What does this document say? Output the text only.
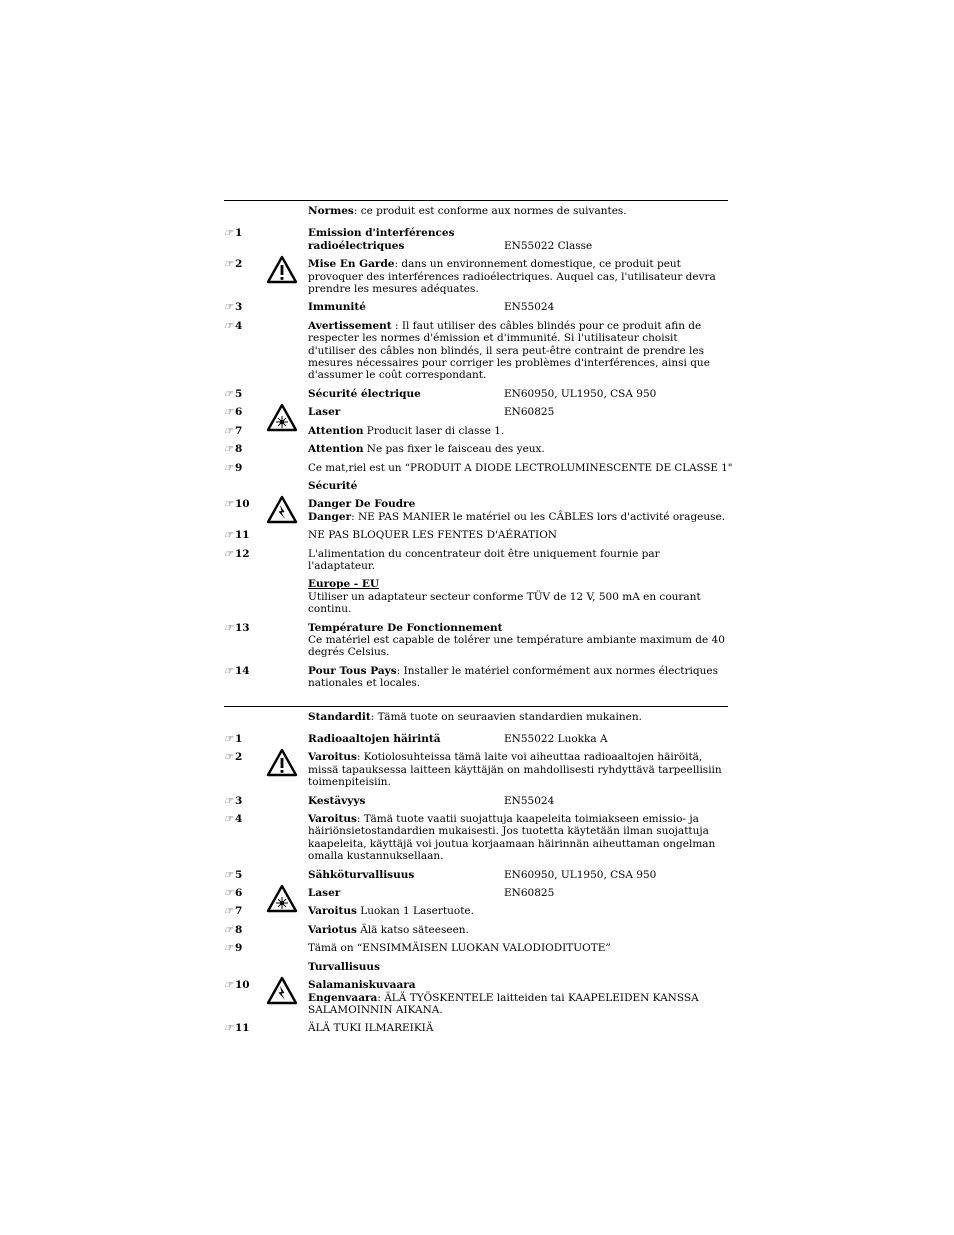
Normes: ce produit est conforme aux normes de suivantes.
☞ 1	Emission d'interférences
radioélectriques	EN55022 Classe
☞ 2	Mise En Garde: dans un environnement domestique, ce produit peut provoquer des interférences radioélectriques. Auquel cas, l'utilisateur devra prendre les mesures adéquates.
☞ 3	Immunité	EN55024
☞ 4	Avertissement : Il faut utiliser des câbles blindés pour ce produit afin de respecter les normes d'émission et d'immunité. Si l'utilisateur choisit d'utiliser des câbles non blindés, il sera peut-être contraint de prendre les mesures nécessaires pour corriger les problèmes d'interférences, ainsi que d'assumer le coût correspondant.
☞ 5	Sécurité électrique	EN60950, UL1950, CSA 950
☞ 6	Laser	EN60825
☞ 7	Attention Producit laser di classe 1.
☞ 8	Attention Ne pas fixer le faisceau des yeux.
☞ 9	Ce mat,riel est un “PRODUIT A DIODE LECTROLUMINESCENTE DE CLASSE 1"
Sécurité
☞ 10	Danger De Foudre
Danger: NE PAS MANIER le matériel ou les CÂBLES lors d'activité orageuse.
☞ 11	NE PAS BLOQUER LES FENTES D'AÉRATION
☞ 12	L'alimentation du concentrateur doit être uniquement fournie par l'adaptateur.
Europe - EU
Utiliser un adaptateur secteur conforme TÜV de 12 V, 500 mA en courant continu.
☞ 13	Température De Fonctionnement
Ce matériel est capable de tolérer une température ambiante maximum de 40 degrés Celsius.
☞ 14	Pour Tous Pays: Installer le matériel conformément aux normes électriques nationales et locales.
Standardit: Tämä tuote on seuraavien standardien mukainen.
☞ 1	Radioaaltojen häirintä	EN55022 Luokka A
☞ 2	Varoitus: Kotiolosuhteissa tämä laite voi aiheuttaa radioaaltojen häiröitä, missä tapauksessa laitteen käyttäjän on mahdollisesti ryhdyttävä tarpeellisiin toimenpiteisiin.
☞ 3	Kestävyys	EN55024
☞ 4	Varoitus: Tämä tuote vaatii suojattuja kaapeleita toimiakseen emissio- ja häiriönsietostandardien mukaisesti. Jos tuotetta käytetään ilman suojattuja kaapeleita, käyttäjä voi joutua korjaamaan häirinnän aiheuttaman ongelman omalla kustannuksellaan.
☞ 5	Sähköturvallisuus	EN60950, UL1950, CSA 950
☞ 6	Laser	EN60825
☞ 7	Varoitus Luokan 1 Lasertuote.
☞ 8	Variotus Älä katso säteeseen.
☞ 9	Tämä on “ENSIMMÄISEN LUOKAN VALODIODITUOTE”
Turvallisuus
☞ 10	Salamaniskuvaara
Engenvaara: ÄLÄ TYÖSKENTELE laitteiden tai KAAPELEIDEN KANSSA SALAMOINNIN AIKANA.
☞ 11	ÄLÄ TUKI ILMAREIKIÄ
